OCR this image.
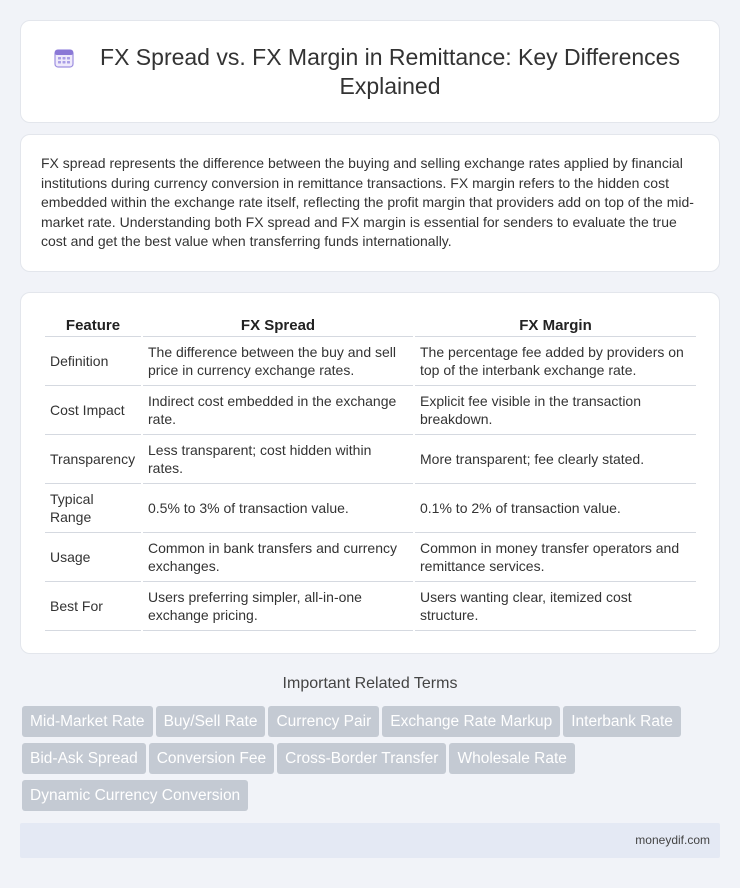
FX Spread vs. FX Margin in Remittance: Key Differences Explained

FX spread represents the difference between the buying and selling exchange rates applied by financial institutions during currency conversion in remittance transactions. FX margin refers to the hidden cost embedded within the exchange rate itself, reflecting the profit margin that providers add on top of the mid-market rate. Understanding both FX spread and FX margin is essential for senders to evaluate the true cost and get the best value when transferring funds internationally.

Feature	FX Spread	FX Margin
Definition	The difference between the buy and sell price in currency exchange rates.	The percentage fee added by providers on top of the interbank exchange rate.
Cost Impact	Indirect cost embedded in the exchange rate.	Explicit fee visible in the transaction breakdown.
Transparency	Less transparent; cost hidden within rates.	More transparent; fee clearly stated.
Typical Range	0.5% to 3% of transaction value.	0.1% to 2% of transaction value.
Usage	Common in bank transfers and currency exchanges.	Common in money transfer operators and remittance services.
Best For	Users preferring simpler, all-in-one exchange pricing.	Users wanting clear, itemized cost structure.
Important Related Terms
Mid-Market Rate Buy/Sell Rate Currency Pair Exchange Rate Markup Interbank RateBid-Ask Spread Conversion Fee Cross-Border Transfer Wholesale RateDynamic Currency Conversion
moneydif.com
